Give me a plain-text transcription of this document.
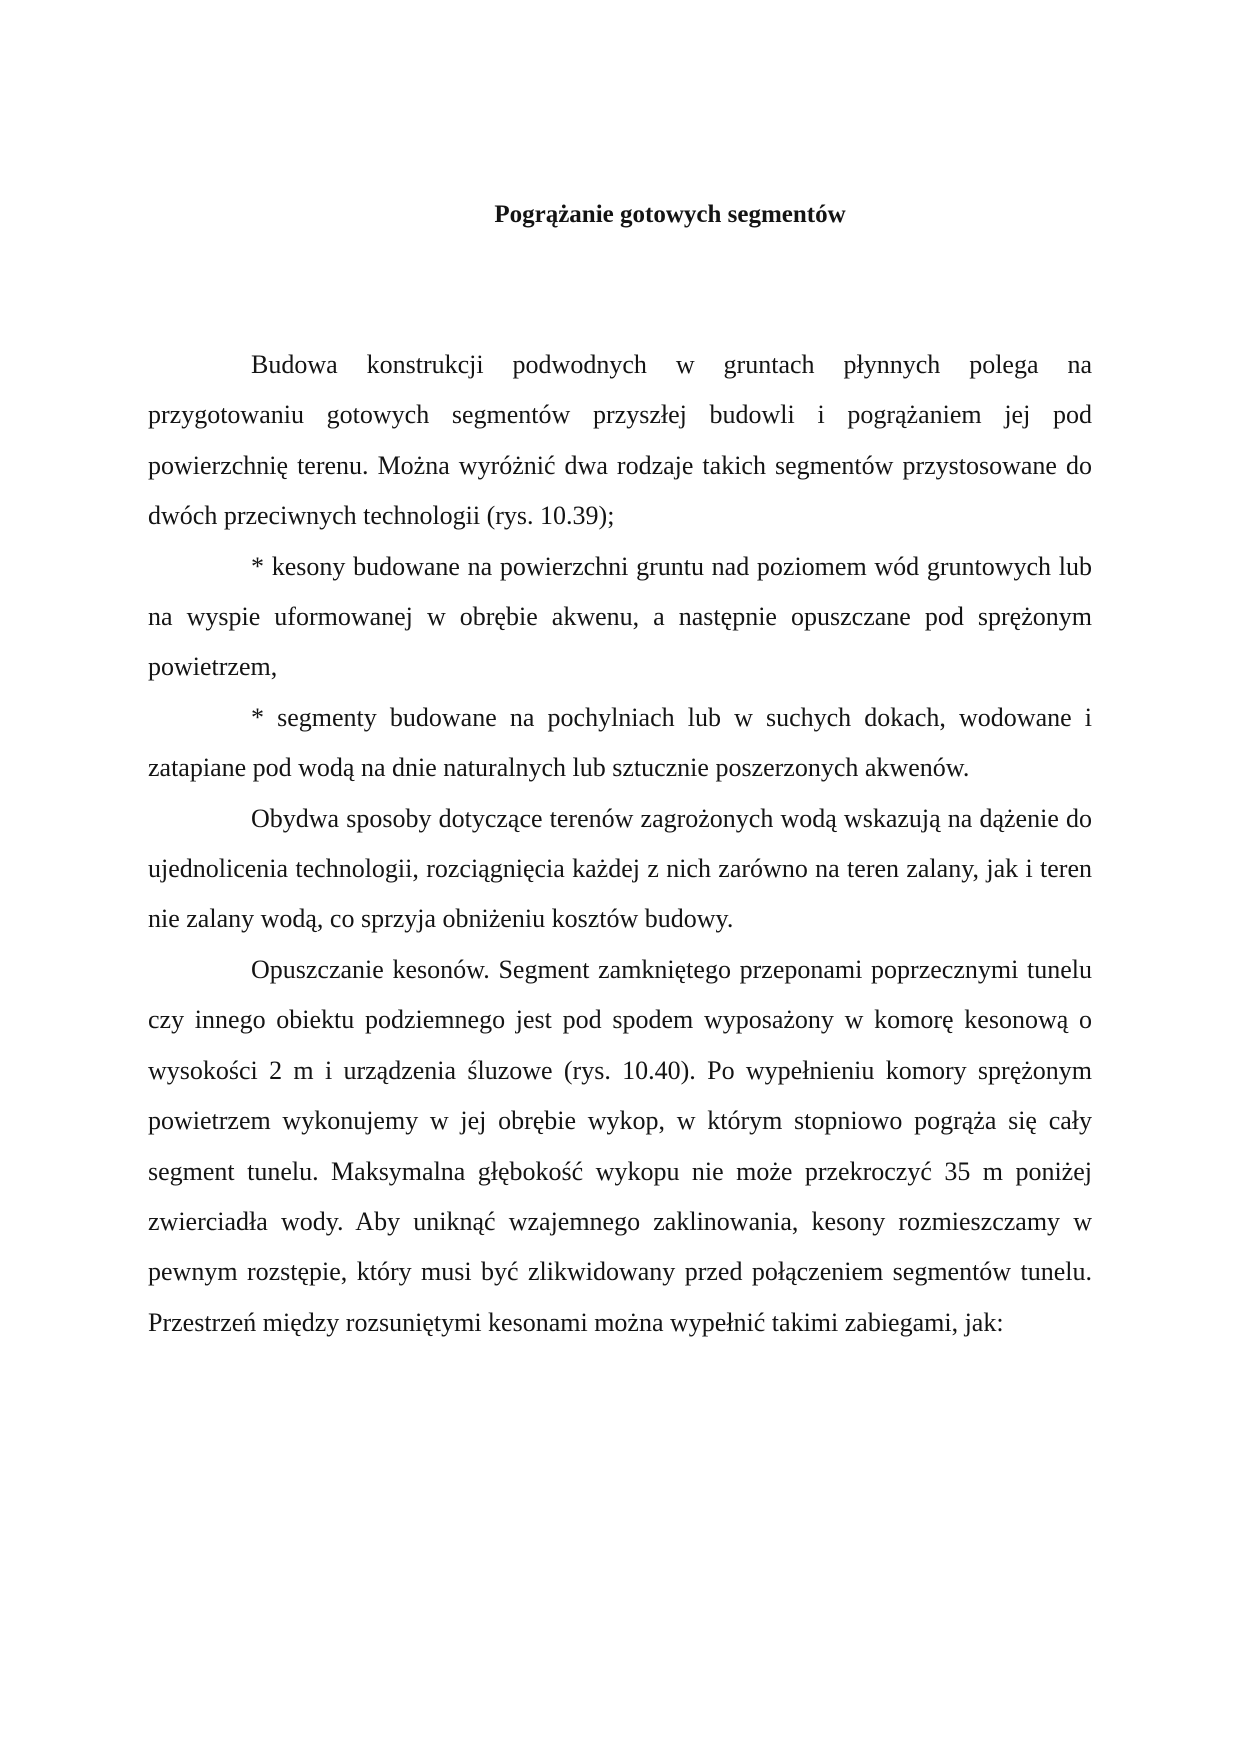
Pogrążanie gotowych segmentów

Budowa konstrukcji podwodnych w gruntach płynnych polega na przygotowaniu gotowych segmentów przyszłej budowli i pogrążaniem jej pod powierzchnię terenu. Można wyróżnić dwa rodzaje takich segmentów przystosowane do dwóch przeciwnych technologii (rys. 10.39);

* kesony budowane na powierzchni gruntu nad poziomem wód gruntowych lub na wyspie uformowanej w obrębie akwenu, a następnie opuszczane pod sprężonym powietrzem,

* segmenty budowane na pochylniach lub w suchych dokach, wodowane i zatapiane pod wodą na dnie naturalnych lub sztucznie poszerzonych akwenów.

Obydwa sposoby dotyczące terenów zagrożonych wodą wskazują na dążenie do ujednolicenia technologii, rozciągnięcia każdej z nich zarówno na teren zalany, jak i teren nie zalany wodą, co sprzyja obniżeniu kosztów budowy.

Opuszczanie kesonów. Segment zamkniętego przeponami poprzecznymi tunelu czy innego obiektu podziemnego jest pod spodem wyposażony w komorę kesonową o wysokości 2 m i urządzenia śluzowe (rys. 10.40). Po wypełnieniu komory sprężonym powietrzem wykonujemy w jej obrębie wykop, w którym stopniowo pogrąża się cały segment tunelu. Maksymalna głębokość wykopu nie może przekroczyć 35 m poniżej zwierciadła wody. Aby uniknąć wzajemnego zaklinowania, kesony rozmieszczamy w pewnym rozstępie, który musi być zlikwidowany przed połączeniem segmentów tunelu. Przestrzeń między rozsuniętymi kesonami można wypełnić takimi zabiegami, jak:
